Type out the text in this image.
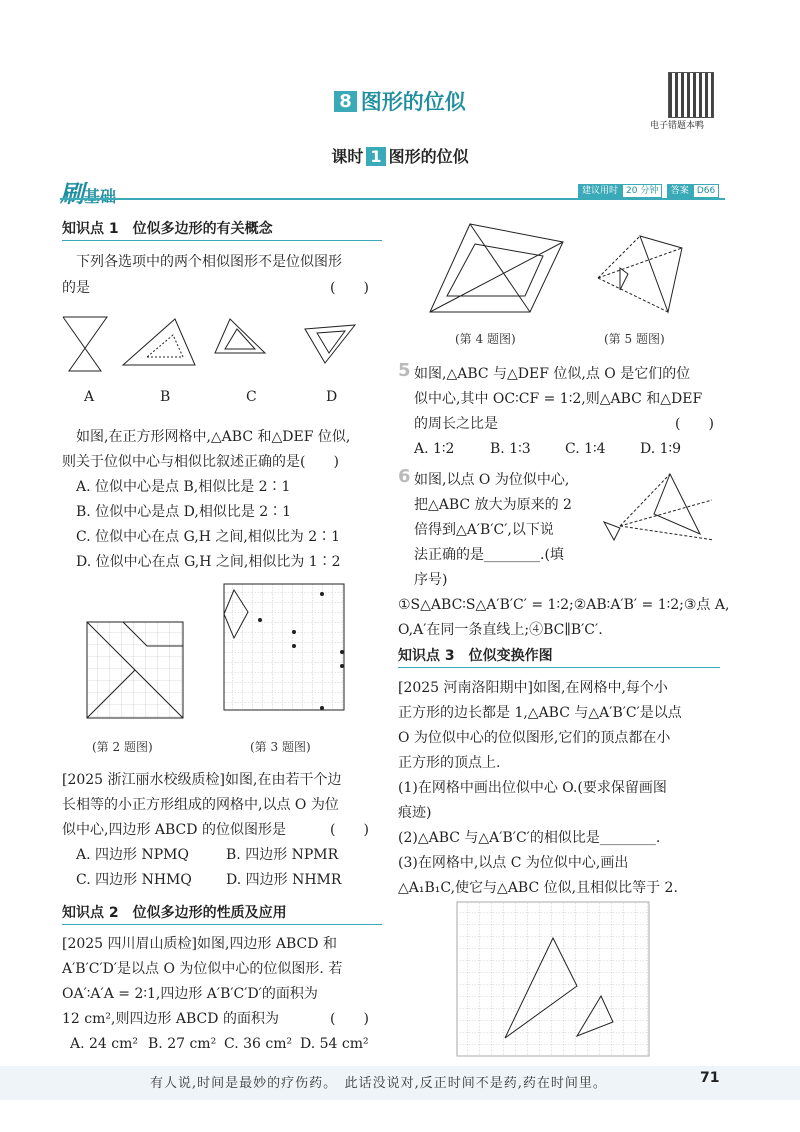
8 图形的位似
电子错题本鸭
课时 1 图形的位似
刷基础	建议用时 20 分钟 答案 D66
知识点 1　位似多边形的有关概念
下列各选项中的两个相似图形不是位似图形
的是	(　　)
A	B	C	D
如图,在正方形网格中,△ABC 和△DEF 位似,
则关于位似中心与相似比叙述正确的是(　　)
A. 位似中心是点 B,相似比是 2∶1
B. 位似中心是点 D,相似比是 2∶1
C. 位似中心在点 G,H 之间,相似比为 2∶1
D. 位似中心在点 G,H 之间,相似比为 1∶2
(第 2 题图)	(第 3 题图)
[2025 浙江丽水校级质检]如图,在由若干个边
长相等的小正方形组成的网格中,以点 O 为位
似中心,四边形 ABCD 的位似图形是	(　　)
A. 四边形 NPMQ	B. 四边形 NPMR
C. 四边形 NHMQ D. 四边形 NHMR
知识点 2　位似多边形的性质及应用
[2025 四川眉山质检]如图,四边形 ABCD 和
A′B′C′D′是以点 O 为位似中心的位似图形. 若
OA′∶A′A = 2∶1,四边形 A′B′C′D′的面积为
12 cm²,则四边形 ABCD 的面积为	(　　)
A. 24 cm² B. 27 cm² C. 36 cm² D. 54 cm²
(第 4 题图)	(第 5 题图)
5 如图,△ABC 与△DEF 位似,点 O 是它们的位
似中心,其中 OC∶CF = 1∶2,则△ABC 和△DEF
的周长之比是	(　　)
A. 1∶2	B. 1∶3 C. 1∶4 D. 1∶9
6 如图,以点 O 为位似中心,
把△ABC 放大为原来的 2
倍得到△A′B′C′,以下说
法正确的是________.(填
序号)
①S△ABC∶S△A′B′C′ = 1∶2;②AB∶A′B′ = 1∶2;③点 A,
O,A′在同一条直线上;④BC∥B′C′.
知识点 3　位似变换作图
[2025 河南洛阳期中]如图,在网格中,每个小
正方形的边长都是 1,△ABC 与△A′B′C′是以点
O 为位似中心的位似图形,它们的顶点都在小
正方形的顶点上.
(1)在网格中画出位似中心 O.(要求保留画图
痕迹)
(2)△ABC 与△A′B′C′的相似比是________.
(3)在网格中,以点 C 为位似中心,画出
△A₁B₁C,使它与△ABC 位似,且相似比等于 2.
有人说,时间是最妙的疗伤药。　此话没说对,反正时间不是药,药在时间里。	71
